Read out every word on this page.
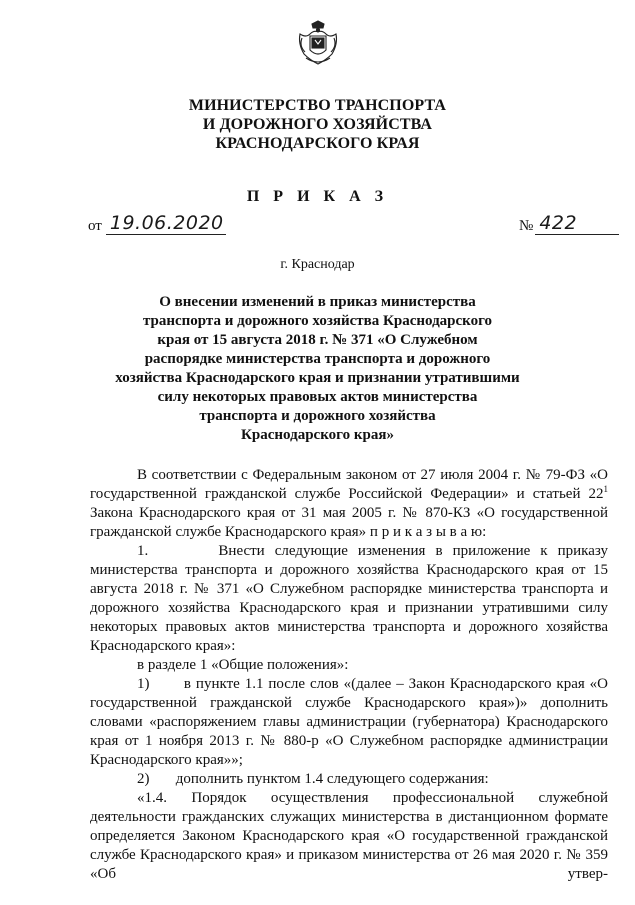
МИНИСТЕРСТВО ТРАНСПОРТА
И ДОРОЖНОГО ХОЗЯЙСТВА
КРАСНОДАРСКОГО КРАЯ
П Р И К А З
от 19.06.2020	№ 422
г. Краснодар
О внесении изменений в приказ министерства
транспорта и дорожного хозяйства Краснодарского
края от 15 августа 2018 г. № 371 «О Служебном
распорядке министерства транспорта и дорожного
хозяйства Краснодарского края и признании утратившими
силу некоторых правовых актов министерства
транспорта и дорожного хозяйства
Краснодарского края»

В соответствии с Федеральным законом от 27 июля 2004 г. № 79-ФЗ «О государственной гражданской службе Российской Федерации» и статьей $22^1$ Закона Краснодарского края от 31 мая 2005 г. № 870-КЗ «О государственной гражданской службе Краснодарского края» п р и к а з ы в а ю:

1.	Внести следующие изменения в приложение к приказу министерства транспорта и дорожного хозяйства Краснодарского края от 15 августа 2018 г. № 371 «О Служебном распорядке министерства транспорта и дорожного хозяйства Краснодарского края и признании утратившими силу некоторых правовых актов министерства транспорта и дорожного хозяйства Краснодарского края»:

в разделе 1 «Общие положения»:

1) в пункте 1.1 после слов «(далее – Закон Краснодарского края «О государственной гражданской службе Краснодарского края»)» дополнить словами «распоряжением главы администрации (губернатора) Краснодарского края от 1 ноября 2013 г. № 880-р «О Служебном распорядке администрации Краснодарского края»»;

2) дополнить пунктом 1.4 следующего содержания:

«1.4. Порядок осуществления профессиональной служебной деятельности гражданских служащих министерства в дистанционном формате определяется Законом Краснодарского края «О государственной гражданской службе Краснодарского края» и приказом министерства от 26 мая 2020 г. № 359 «Об утвер-
